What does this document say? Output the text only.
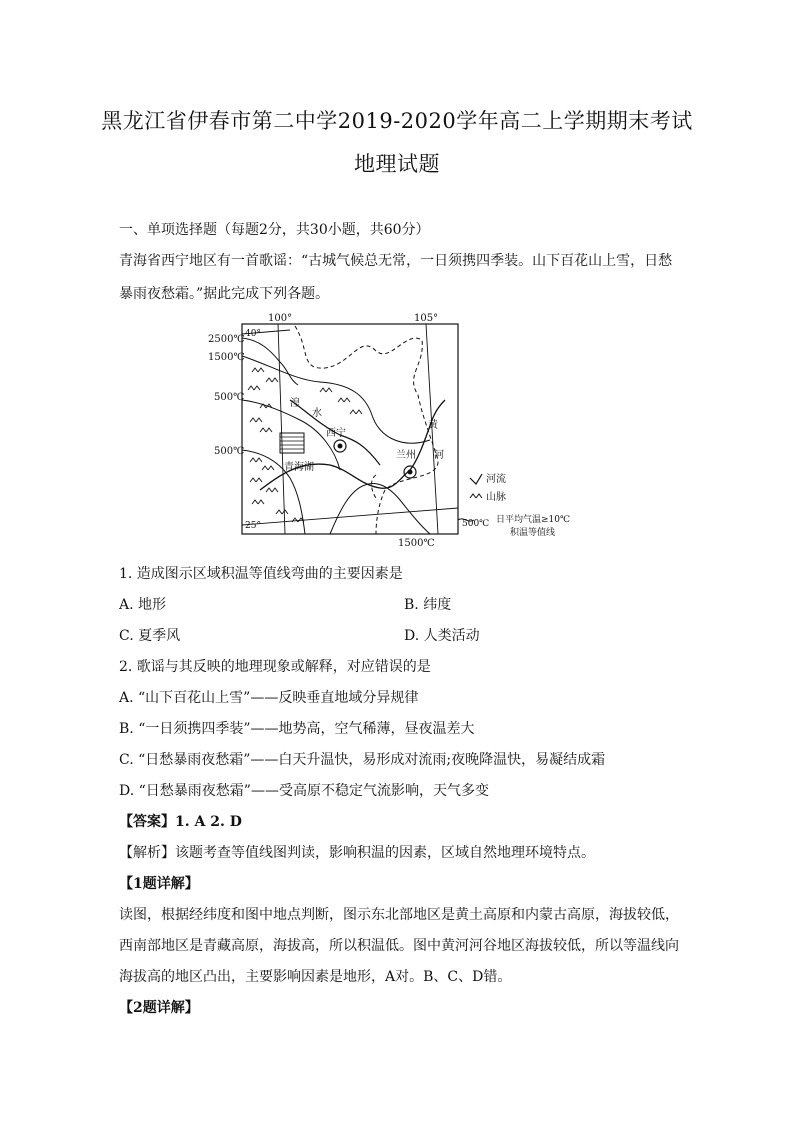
黑龙江省伊春市第二中学2019-2020学年高二上学期期末考试
地理试题
一、单项选择题（每题2分，共30小题，共60分）
青海省西宁地区有一首歌谣：“古城气候总无常，一日须携四季装。山下百花山上雪，日愁
暴雨夜愁霜。”据此完成下列各题。
100°	105°
40°
25°
2500℃
1500℃
500℃
500℃
1500℃
湟
水
西宁
青海湖
兰州
黄
河
河流
山脉
500℃ 日平均气温≥10℃
积温等值线
1. 造成图示区域积温等值线弯曲的主要因素是
A. 地形	B. 纬度
C. 夏季风	D. 人类活动
2. 歌谣与其反映的地理现象或解释，对应错误的是
A. “山下百花山上雪”——反映垂直地域分异规律
B. “一日须携四季装”——地势高，空气稀薄，昼夜温差大
C. “日愁暴雨夜愁霜”——白天升温快，易形成对流雨;夜晚降温快，易凝结成霜
D. “日愁暴雨夜愁霜”——受高原不稳定气流影响，天气多变
【答案】1. A 2. D
【解析】该题考查等值线图判读，影响积温的因素，区域自然地理环境特点。
【1题详解】
读图，根据经纬度和图中地点判断，图示东北部地区是黄土高原和内蒙古高原，海拔较低，
西南部地区是青藏高原，海拔高，所以积温低。图中黄河河谷地区海拔较低，所以等温线向
海拔高的地区凸出，主要影响因素是地形，A对。B、C、D错。
【2题详解】
